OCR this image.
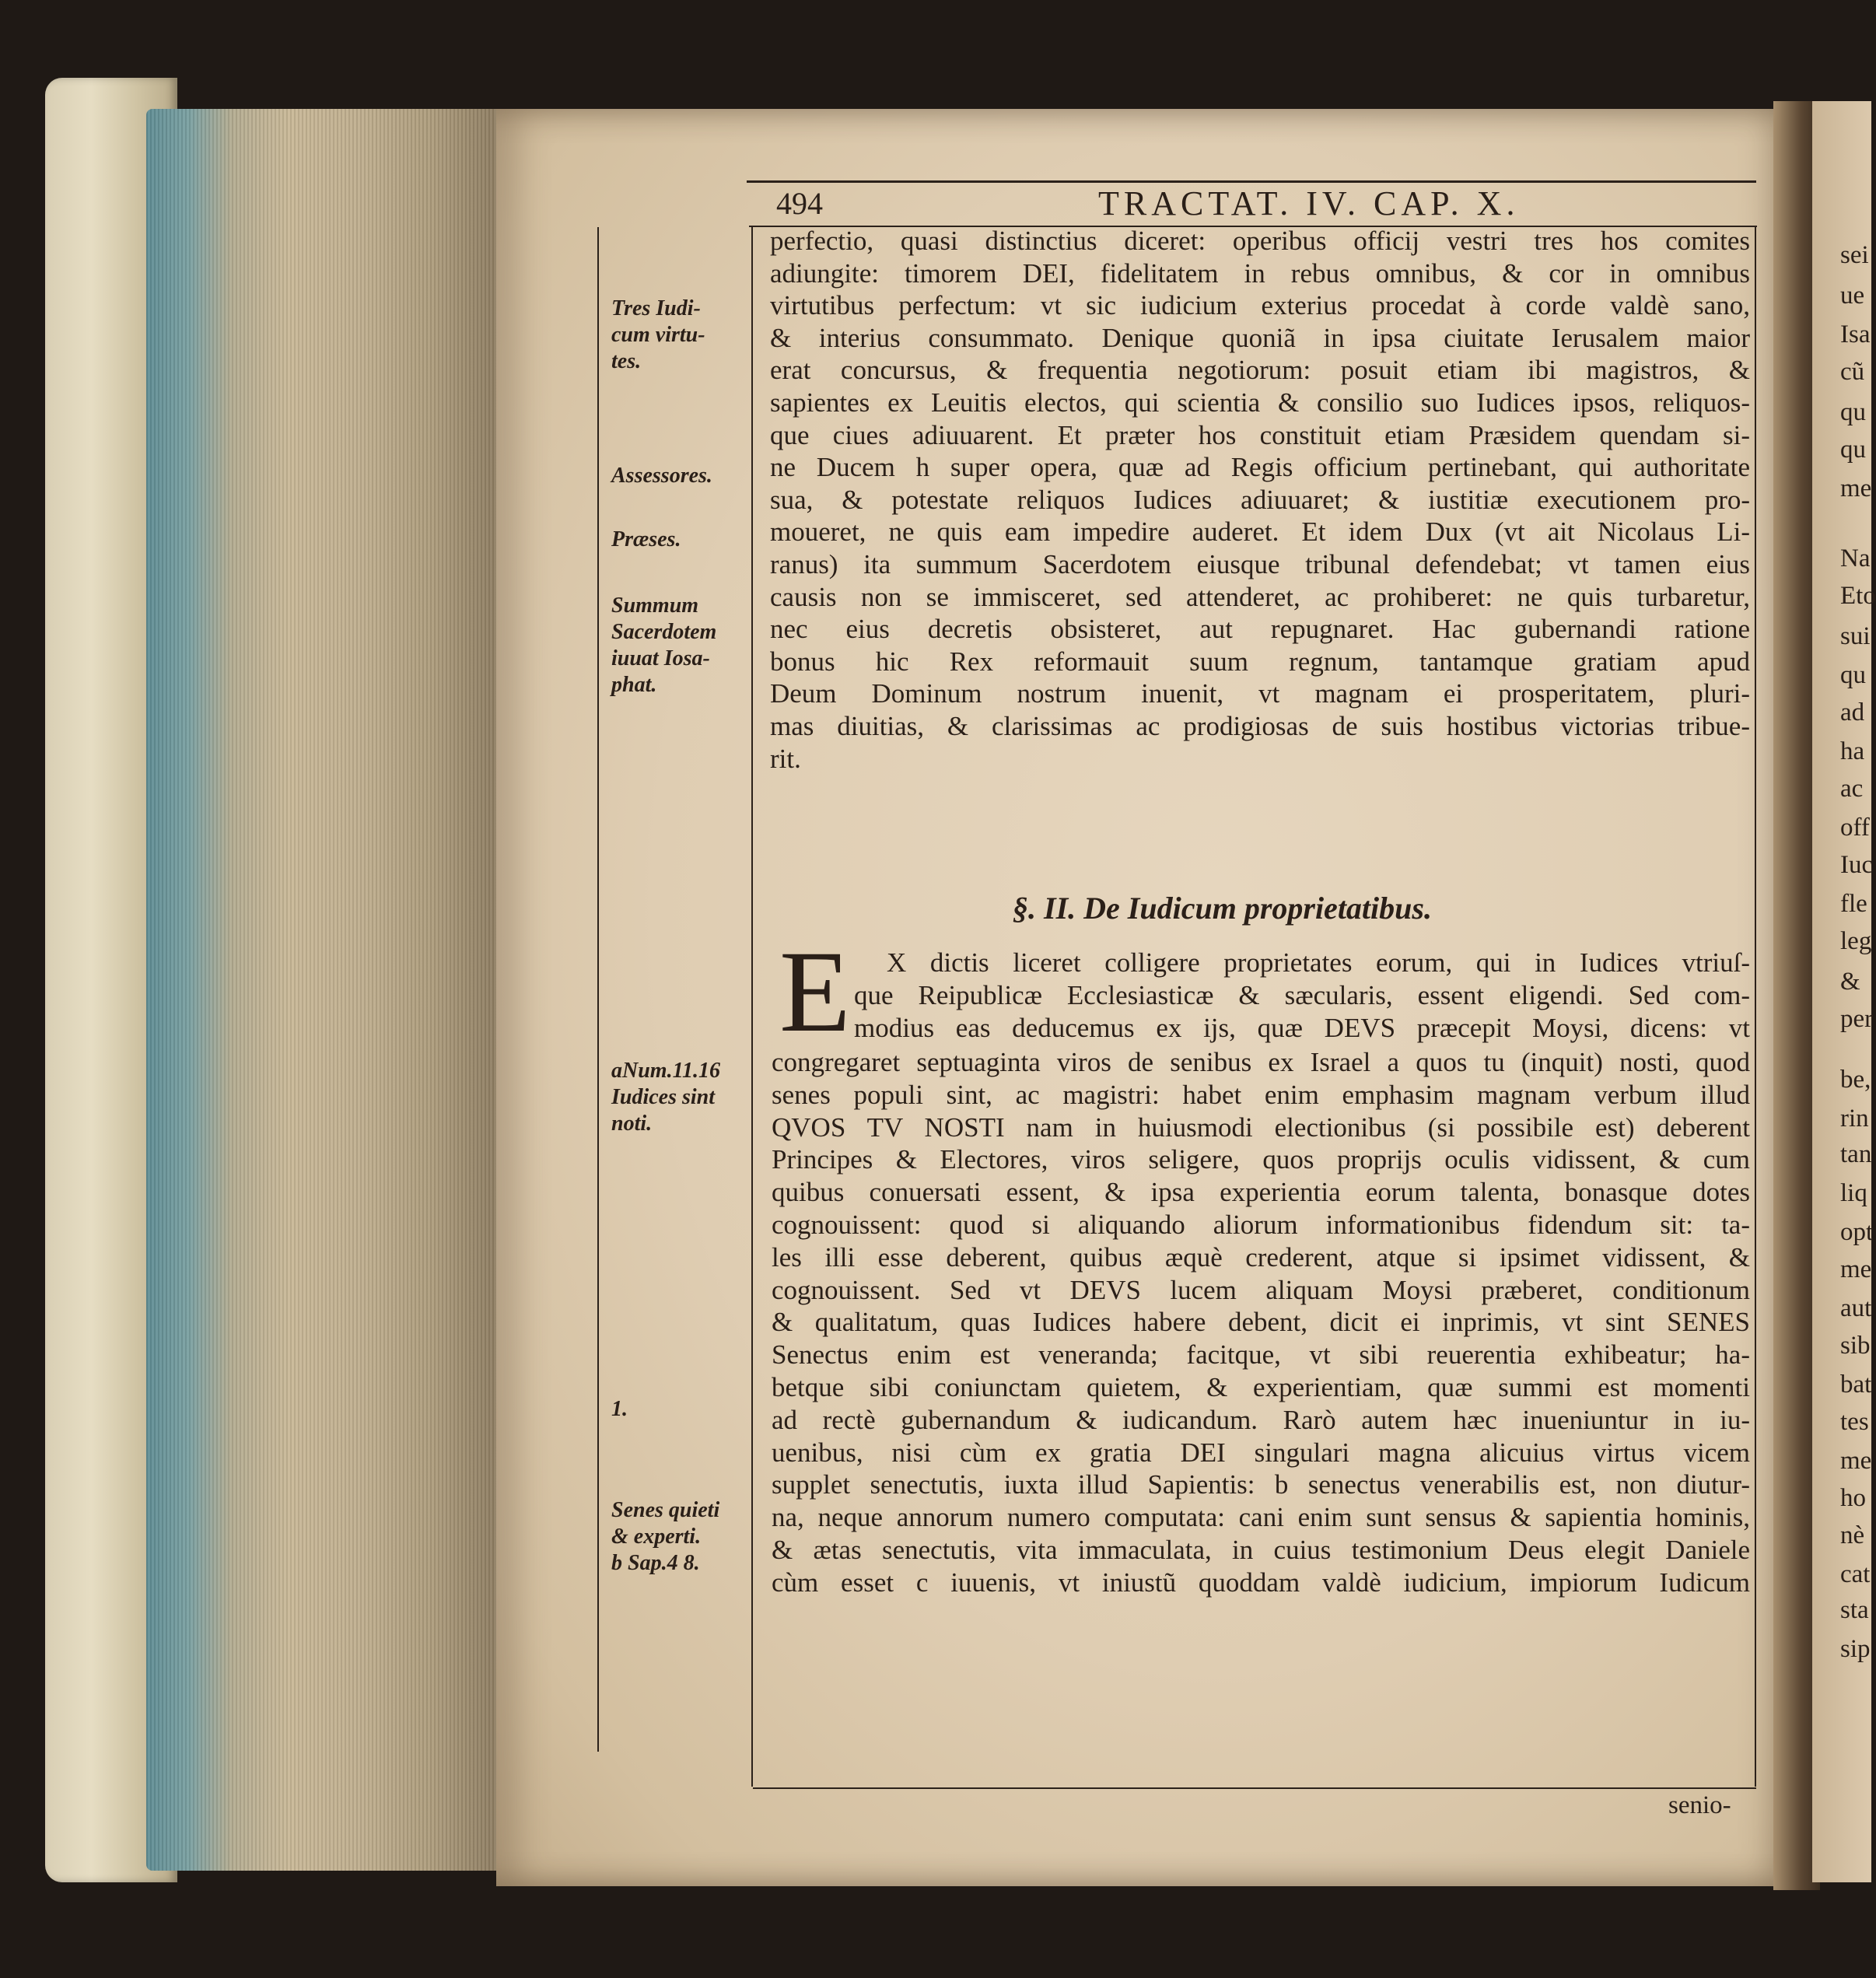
494	TRACTAT. IV. CAP. X.
§. II. De Iudicum proprietatibus.
E
senio-
perfectio, quasi distinctius diceret: operibus officij vestri tres hos comites
adiungite: timorem DEI, fidelitatem in rebus omnibus, & cor in omnibus
virtutibus perfectum: vt sic iudicium exterius procedat à corde valdè sano,
& interius consummato. Denique quoniã in ipsa ciuitate Ierusalem maior
erat concursus, & frequentia negotiorum: posuit etiam ibi magistros, &
sapientes ex Leuitis electos, qui scientia & consilio suo Iudices ipsos, reliquos-
que ciues adiuuarent. Et præter hos constituit etiam Præsidem quendam si-
ne Ducem h super opera, quæ ad Regis officium pertinebant, qui authoritate
sua, & potestate reliquos Iudices adiuuaret; & iustitiæ executionem pro-
moueret, ne quis eam impedire auderet. Et idem Dux (vt ait Nicolaus Li-
ranus) ita summum Sacerdotem eiusque tribunal defendebat; vt tamen eius
causis non se immisceret, sed attenderet, ac prohiberet: ne quis turbaretur,
nec eius decretis obsisteret, aut repugnaret. Hac gubernandi ratione
bonus hic Rex reformauit suum regnum, tantamque gratiam apud
Deum Dominum nostrum inuenit, vt magnam ei prosperitatem, pluri-
mas diuitias, & clarissimas ac prodigiosas de suis hostibus victorias tribue-
rit.
X dictis liceret colligere proprietates eorum, qui in Iudices vtriuſ-
que Reipublicæ Ecclesiasticæ & sæcularis, essent eligendi. Sed com-
modius eas deducemus ex ijs, quæ DEVS præcepit Moysi, dicens: vt
congregaret septuaginta viros de senibus ex Israel a quos tu (inquit) nosti, quod
senes populi sint, ac magistri: habet enim emphasim magnam verbum illud
QVOS TV NOSTI nam in huiusmodi electionibus (si possibile est) deberent
Principes & Electores, viros seligere, quos proprijs oculis vidissent, & cum
quibus conuersati essent, & ipsa experientia eorum talenta, bonasque dotes
cognouissent: quod si aliquando aliorum informationibus fidendum sit: ta-
les illi esse deberent, quibus æquè crederent, atque si ipsimet vidissent, &
cognouissent. Sed vt DEVS lucem aliquam Moysi præberet, conditionum
& qualitatum, quas Iudices habere debent, dicit ei inprimis, vt sint SENES
Senectus enim est veneranda; facitque, vt sibi reuerentia exhibeatur; ha-
betque sibi coniunctam quietem, & experientiam, quæ summi est momenti
ad rectè gubernandum & iudicandum. Rarò autem hæc inueniuntur in iu-
uenibus, nisi cùm ex gratia DEI singulari magna alicuius virtus vicem
supplet senectutis, iuxta illud Sapientis: b senectus venerabilis est, non diutur-
na, neque annorum numero computata: cani enim sunt sensus & sapientia hominis,
& ætas senectutis, vita immaculata, in cuius testimonium Deus elegit Daniele
cùm esset c iuuenis, vt iniustũ quoddam valdè iudicium, impiorum Iudicum
Tres Iudi-
cum virtu-
tes.
Assessores.
Præses.
Summum
Sacerdotem
iuuat Iosa-
phat.
aNum.11.16
Iudices sint
noti.
1.
Senes quieti
& experti.
b Sap.4 8.
sei
ue
Isa
cũ
qu
qu
me
Na
Eto
sui
qu
ad
ha
ac
off
Iuc
fle
leg
&
per
be,
rin
tan
liq
opt
me
aut
sib
bat
tes
me
ho
nè
cat
sta
sip
